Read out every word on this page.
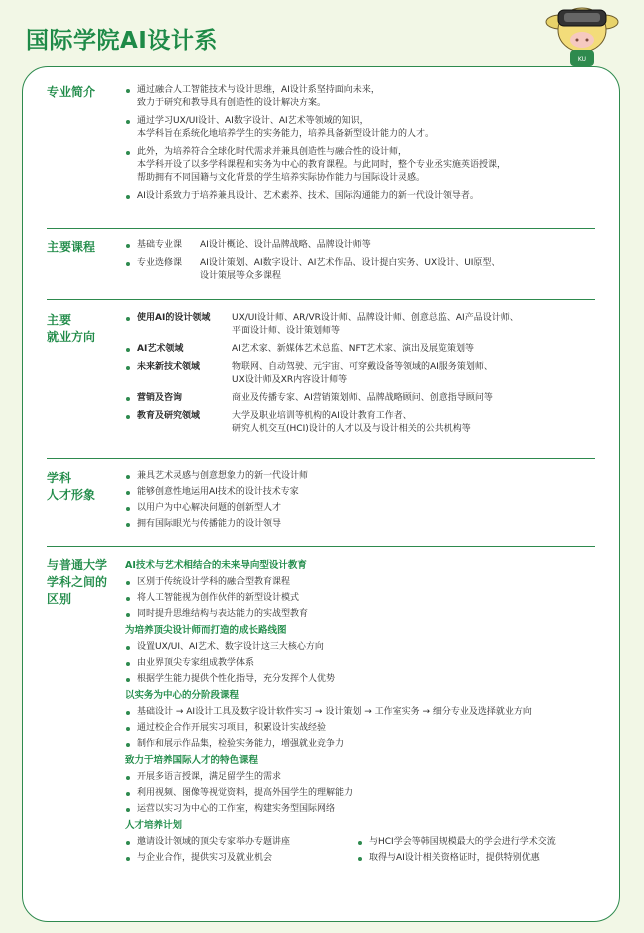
国际学院AI设计系
KU
专业简介	通过融合人工智能技术与设计思维，AI设计系坚持面向未来，
致力于研究和教导具有创造性的设计解决方案。
通过学习UX/UI设计、AI数字设计、AI艺术等领域的知识，
本学科旨在系统化地培养学生的实务能力，培养具备新型设计能力的人才。
此外，为培养符合全球化时代需求并兼具创造性与融合性的设计师，
本学科开设了以多学科课程和实务为中心的教育课程。与此同时，整个专业丞实施英语授课，
帮助拥有不同国籍与文化背景的学生培养实际协作能力与国际设计灵感。
AI设计系致力于培养兼具设计、艺术素养、技术、国际沟通能力的新一代设计领导者。
主要课程	基础专业课	AI设计概论、设计品牌战略、品牌设计师等
专业选修课	AI设计策划、AI数字设计、AI艺术作品、设计提白实务、UX设计、UI原型、
设计策展等众多课程
主要
就业方向
使用AI的设计领域	UX/UI设计师、AR/VR设计师、品牌设计师、创意总监、AI产品设计师、
平面设计师、设计策划师等
AI艺术领域	AI艺术家、新媒体艺术总监、NFT艺术家、演出及展览策划等
未来新技术领域	物联网、自动驾驶、元宇宙、可穿戴设备等领域的AI服务策划师、
UX设计师及XR内容设计师等
营销及咨询	商业及传播专家、AI营销策划师、品牌战略顾问、创意指导顾问等
教育及研究领域	大学及职业培训等机构的AI设计教育工作者、
研究人机交互(HCI)设计的人才以及与设计相关的公共机构等
学科
人才形象
兼具艺术灵感与创意想象力的新一代设计师
能够创意性地运用AI技术的设计技术专家
以用户为中心解决问题的创新型人才
拥有国际眼光与传播能力的设计领导
与普通大学
学科之间的
区别
AI技术与艺术相结合的未来导向型设计教育
区别于传统设计学科的融合型教育课程
将人工智能视为创作伙伴的新型设计模式
同时提升思维结构与表达能力的实战型教育
为培养顶尖设计师而打造的成长路线图
设置UX/UI、AI艺术、数字设计这三大核心方向
由业界顶尖专家组成教学体系
根据学生能力提供个性化指导，充分发挥个人优势
以实务为中心的分阶段课程
基础设计 → AI设计工具及数字设计软件实习 → 设计策划 → 工作室实务 → 细分专业及选择就业方向
通过校企合作开展实习项目，积累设计实战经验
制作和展示作品集，检验实务能力，增强就业竞争力
致力于培养国际人才的特色课程
开展多语言授课，满足留学生的需求
利用视频、图像等视觉资料，提高外国学生的理解能力
运营以实习为中心的工作室，构建实务型国际网络
人才培养计划
邀请设计领域的顶尖专家举办专题讲座
与企业合作，提供实习及就业机会
与HCI学会等韩国规模最大的学会进行学术交流
取得与AI设计相关资格证时，提供特别优惠
